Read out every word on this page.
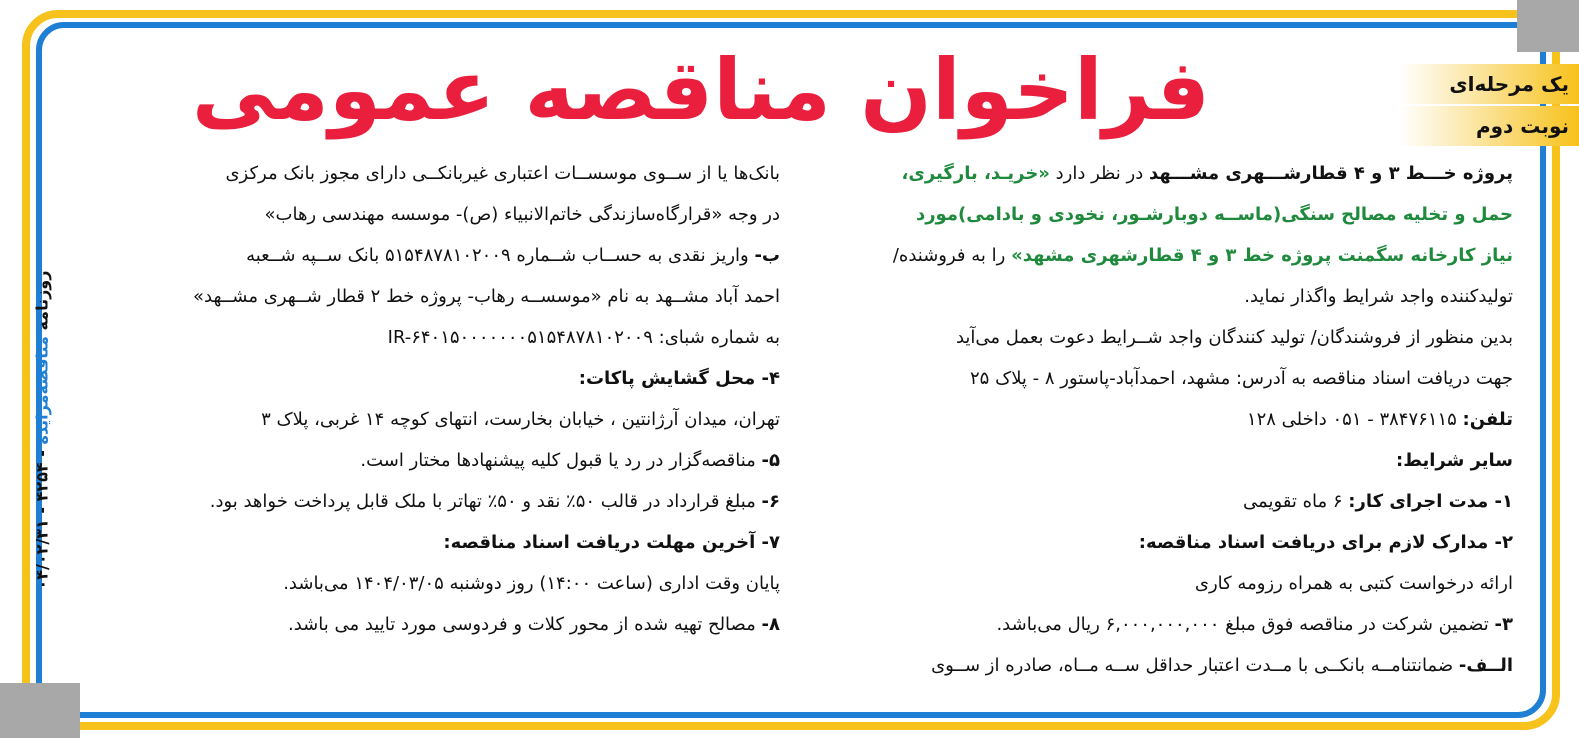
فراخوان مناقصه عمومی	یک مرحله‌ای
نوبت دوم
روزنامه مناقصه‌مزایده - ۴۲۵۴ - ۰۴/۰۲/۳۱

پروژه خـــط ۳ و ۴ قطارشـــهری مشـــهد در نظر دارد «خریـد، بارگیری،

حمل و تخلیه مصالح سنگی(ماســه دوبارشـور، نخودی و بادامی)مورد

نیاز کارخانه سگمنت پروژه خط ۳ و ۴ قطارشهری مشهد» را به فروشنده/

تولیدکننده واجد شرایط واگذار نماید.

بدین منظور از فروشندگان/ تولید کنندگان واجد شــرایط دعوت بعمل می‌آید

جهت دریافت اسناد مناقصه به آدرس: مشهد، احمدآباد-پاستور ۸ - پلاک ۲۵

تلفن: ۳۸۴۷۶۱۱۵ - ۰۵۱ داخلی ۱۲۸

سایر شرایط:

۱- مدت اجرای کار: ۶ ماه تقویمی

۲- مدارک لازم برای دریافت اسناد مناقصه:

ارائه درخواست کتبی به همراه رزومه کاری

۳- تضمین شرکت در مناقصه فوق مبلغ ۶,۰۰۰,۰۰۰,۰۰۰ ریال می‌باشد.

الــف- ضمانتنامــه بانکــی با مــدت اعتبار حداقل ســه مــاه، صادره از ســوی

بانک‌ها یا از ســوی موسســات اعتباری غیربانکــی دارای مجوز بانک مرکزی

در وجه «قرارگاه‌سازندگی خاتم‌الانبیاء (ص)- موسسه مهندسی رهاب»

ب- واریز نقدی به حســاب شــماره ۵۱۵۴۸۷۸۱۰۲۰۰۹ بانک ســپه شــعبه

احمد آباد مشــهد به نام «موسســه رهاب- پروژه خط ۲ قطار شــهری مشــهد»

به شماره شبای: IR-۶۴۰۱۵۰۰۰۰۰۰۰۵۱۵۴۸۷۸۱۰۲۰۰۹

۴- محل گشایش پاکات:

تهران، میدان آرژانتین ، خیابان بخارست، انتهای کوچه ۱۴ غربی، پلاک ۳

۵- مناقصه‌گزار در رد یا قبول کلیه پیشنهادها مختار است.

۶- مبلغ قرارداد در قالب ۵۰٪ نقد و ۵۰٪ تهاتر با ملک قابل پرداخت خواهد بود.

۷- آخرین مهلت دریافت اسناد مناقصه:

پایان وقت اداری (ساعت ۱۴:۰۰) روز دوشنبه ۱۴۰۴/۰۳/۰۵ می‌باشد.

۸- مصالح تهیه شده از محور کلات و فردوسی مورد تایید می باشد.
